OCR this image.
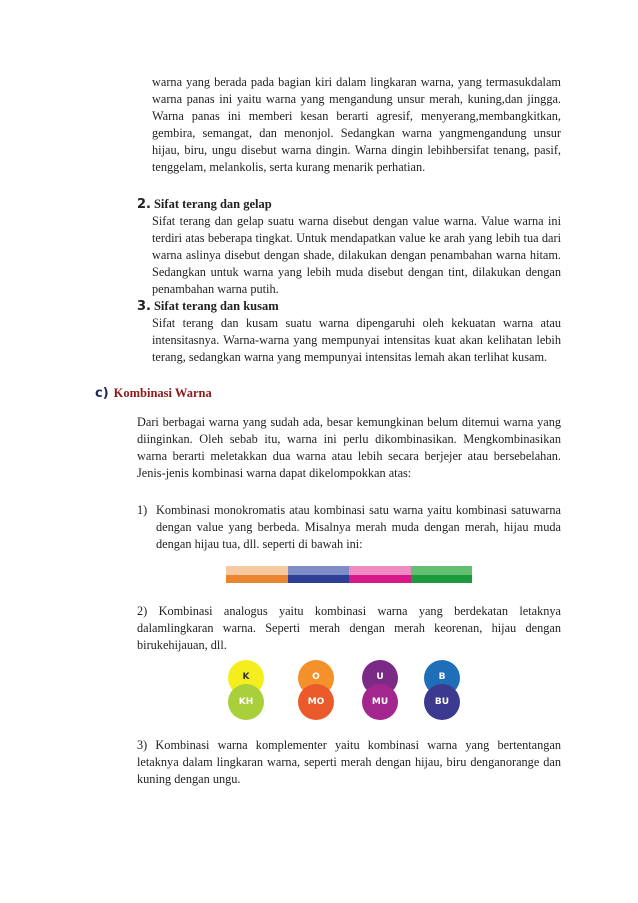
warna yang berada pada bagian kiri dalam lingkaran warna, yang termasukdalam warna panas ini yaitu warna yang mengandung unsur merah, kuning,dan jingga. Warna panas ini memberi kesan berarti agresif, menyerang,membangkitkan, gembira, semangat, dan menonjol. Sedangkan warna yangmengandung unsur hijau, biru, ungu disebut warna dingin. Warna dingin lebihbersifat tenang, pasif, tenggelam, melankolis, serta kurang menarik perhatian.

2. Sifat terang dan gelap

Sifat terang dan gelap suatu warna disebut dengan value warna. Value warna ini terdiri atas beberapa tingkat. Untuk mendapatkan value ke arah yang lebih tua dari warna aslinya disebut dengan shade, dilakukan dengan penambahan warna hitam. Sedangkan untuk warna yang lebih muda disebut dengan tint, dilakukan dengan penambahan warna putih.

3. Sifat terang dan kusam

Sifat terang dan kusam suatu warna dipengaruhi oleh kekuatan warna atau intensitasnya. Warna-warna yang mempunyai intensitas kuat akan kelihatan lebih terang, sedangkan warna yang mempunyai intensitas lemah akan terlihat kusam.

c) Kombinasi Warna

Dari berbagai warna yang sudah ada, besar kemungkinan belum ditemui warna yang diinginkan. Oleh sebab itu, warna ini perlu dikombinasikan. Mengkombinasikan warna berarti meletakkan dua warna atau lebih secara berjejer atau bersebelahan. Jenis-jenis kombinasi warna dapat dikelompokkan atas:

1) Kombinasi monokromatis atau kombinasi satu warna yaitu kombinasi satuwarna dengan value yang berbeda. Misalnya merah muda dengan merah, hijau muda dengan hijau tua, dll. seperti di bawah ini:

2) Kombinasi analogus yaitu kombinasi warna yang berdekatan letaknya dalamlingkaran warna. Seperti merah dengan merah keorenan, hijau dengan birukehijauan, dll.

K
KH
O
MO
U
MU
B
BU

3) Kombinasi warna komplementer yaitu kombinasi warna yang bertentangan letaknya dalam lingkaran warna, seperti merah dengan hijau, biru denganorange dan kuning dengan ungu.
